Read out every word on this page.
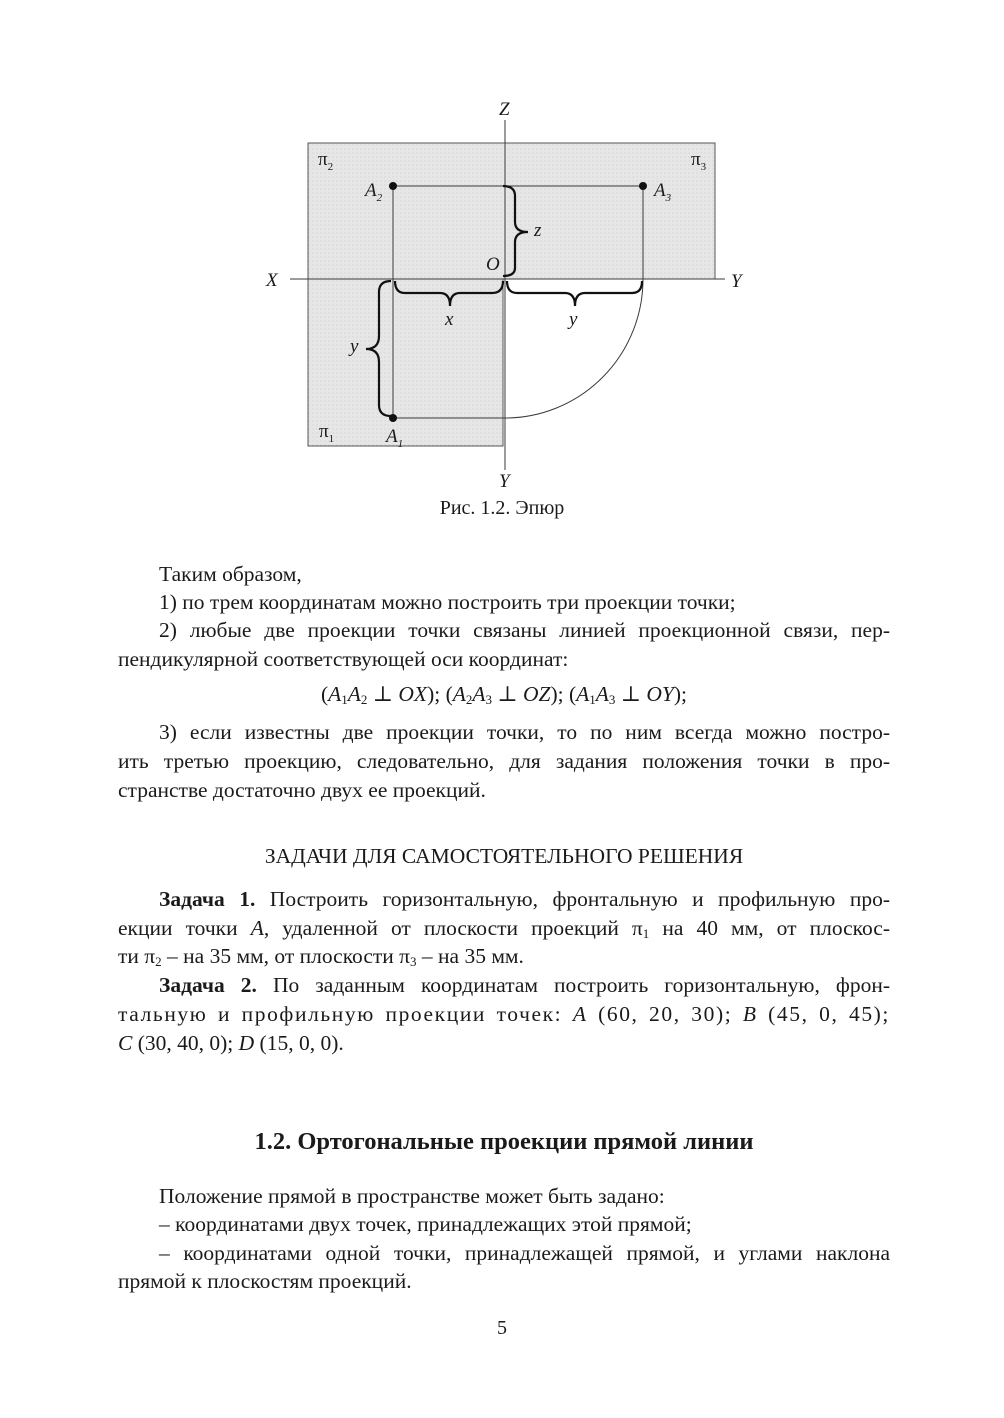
Z
X	Y
Y
O
$\pi_2$	$\pi_3$
$\pi_1$
$A_2$	$A_3$
$A_1$
z
x	y
y
Рис. 1.2. Эпюр

Таким образом,

1) по трем координатам можно построить три проекции точки;

2) любые две проекции точки связаны линией проекционной связи, пер-

пендикулярной соответствующей оси координат:

($A_1A_2$ ⊥ OX); ($A_2A_3$ ⊥ OZ); ($A_1A_3$ ⊥ OY);

3) если известны две проекции точки, то по ним всегда можно постро-

ить третью проекцию, следовательно, для задания положения точки в про-

странстве достаточно двух ее проекций.

ЗАДАЧИ ДЛЯ САМОСТОЯТЕЛЬНОГО РЕШЕНИЯ

Задача 1. Построить горизонтальную, фронтальную и профильную про-

екции точки A, удаленной от плоскости проекций $\pi_1$ на 40 мм, от плоскос-

ти $\pi_2$ – на 35 мм, от плоскости $\pi_3$ – на 35 мм.

Задача 2. По заданным координатам построить горизонтальную, фрон-

тальную и профильную проекции точек: A (60, 20, 30); B (45, 0, 45);

C (30, 40, 0); D (15, 0, 0).

1.2. Ортогональные проекции прямой линии

Положение прямой в пространстве может быть задано:

– координатами двух точек, принадлежащих этой прямой;

– координатами одной точки, принадлежащей прямой, и углами наклона

прямой к плоскостям проекций.

5
